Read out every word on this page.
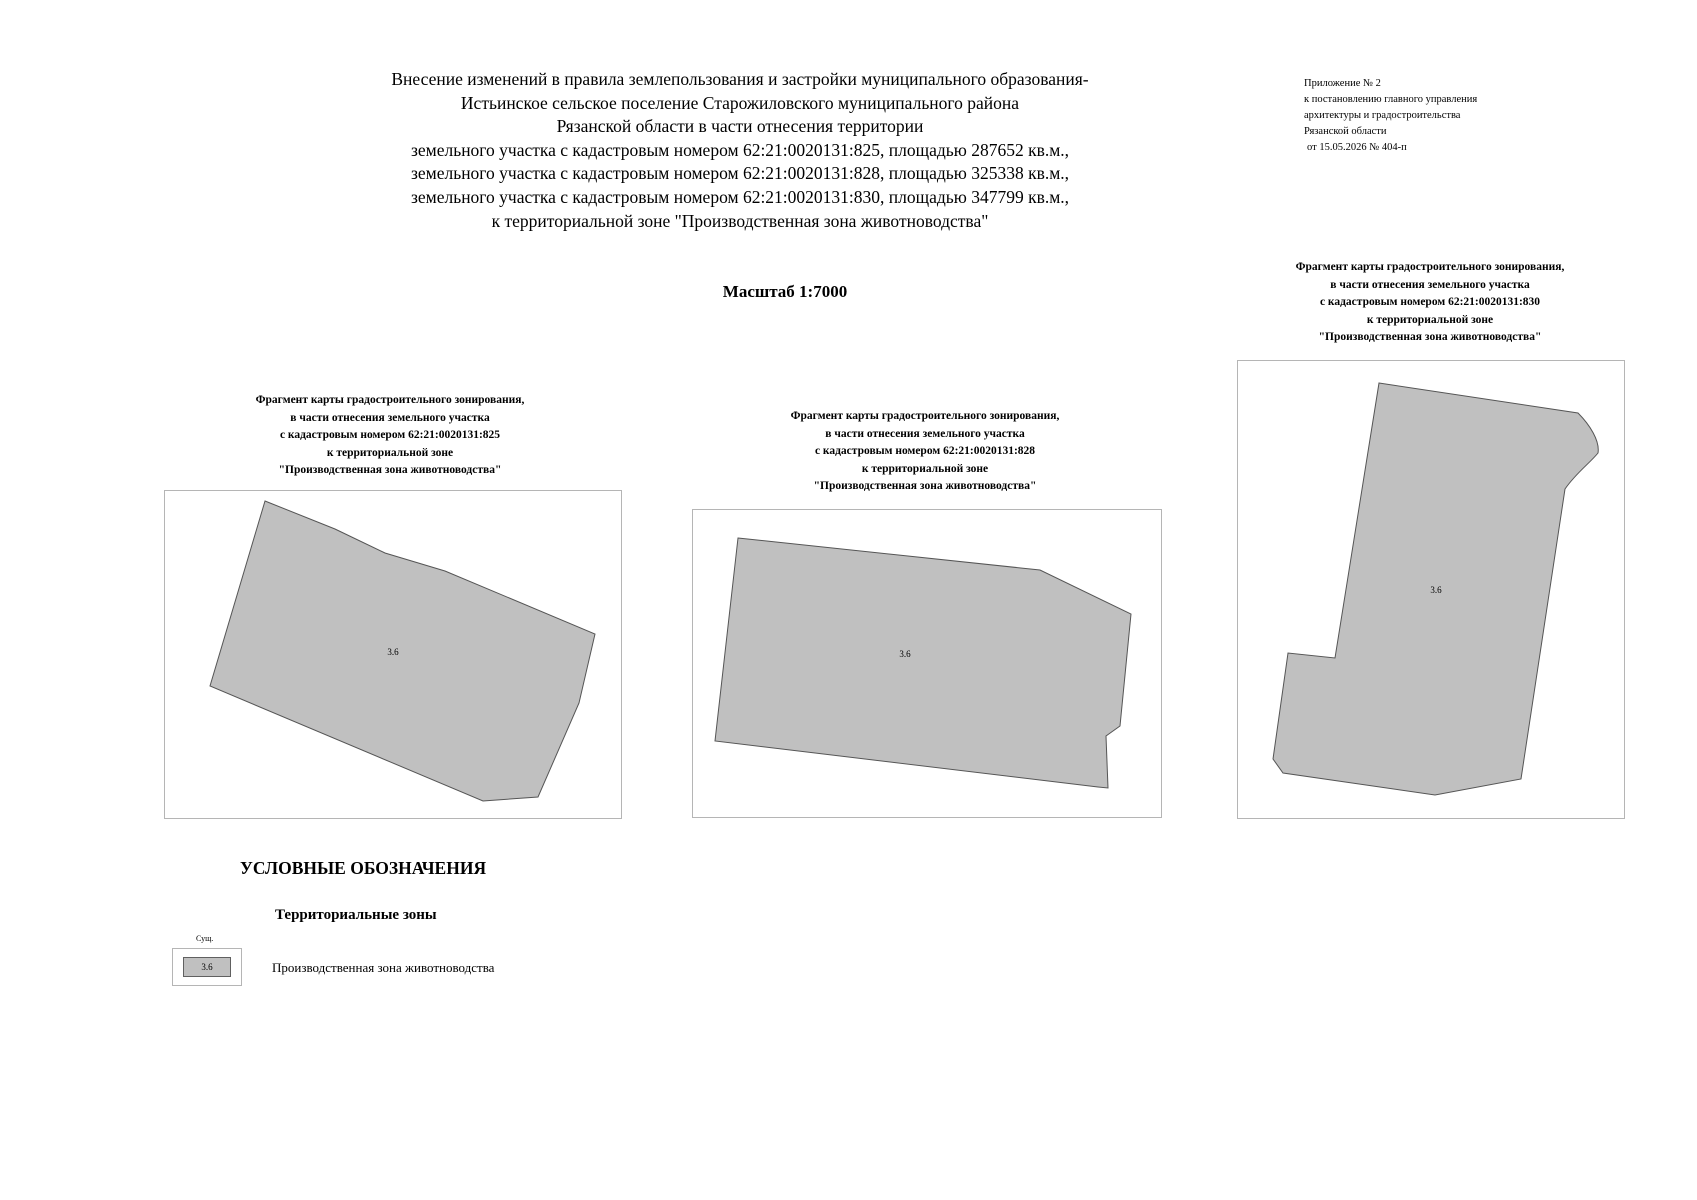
Внесение изменений в правила землепользования и застройки муниципального образования-
Истьинское сельское поселение Старожиловского муниципального района
Рязанской области в части отнесения территории
земельного участка с кадастровым номером 62:21:0020131:825, площадью 287652 кв.м.,
земельного участка с кадастровым номером 62:21:0020131:828, площадью 325338 кв.м.,
земельного участка с кадастровым номером 62:21:0020131:830, площадью 347799 кв.м.,
к территориальной зоне "Производственная зона животноводства"
Приложение № 2
к постановлению главного управления
архитектуры и градостроительства
Рязанской области
от 15.05.2026 № 404-п
Масштаб 1:7000
Фрагмент карты градостроительного зонирования,
в части отнесения земельного участка
с кадастровым номером 62:21:0020131:825
к территориальной зоне
"Производственная зона животноводства"
3.6
Фрагмент карты градостроительного зонирования,
в части отнесения земельного участка
с кадастровым номером 62:21:0020131:828
к территориальной зоне
"Производственная зона животноводства"
3.6
Фрагмент карты градостроительного зонирования,
в части отнесения земельного участка
с кадастровым номером 62:21:0020131:830
к территориальной зоне
"Производственная зона животноводства"
3.6
УСЛОВНЫЕ ОБОЗНАЧЕНИЯ
Территориальные зоны
Сущ.
3.6	Производственная зона животноводства
